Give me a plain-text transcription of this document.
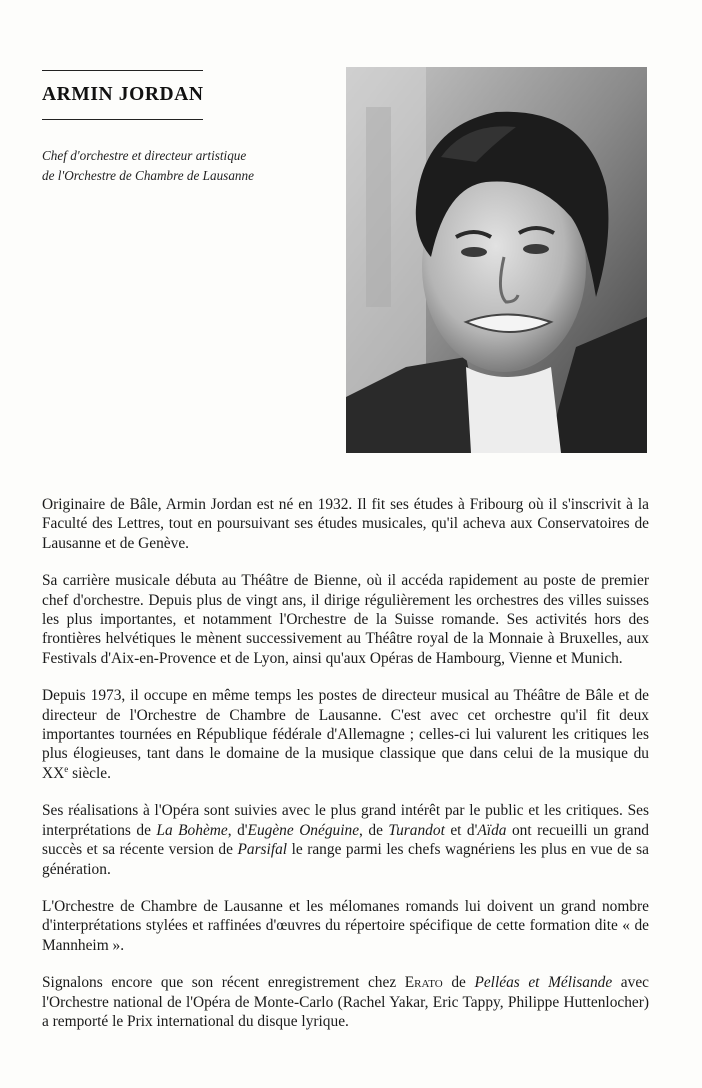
ARMIN JORDAN
Chef d'orchestre et directeur artistique
de l'Orchestre de Chambre de Lausanne

Originaire de Bâle, Armin Jordan est né en 1932. Il fit ses études à Fribourg où il s'inscrivit à la Faculté des Lettres, tout en poursuivant ses études musicales, qu'il acheva aux Conservatoires de Lausanne et de Genève.

Sa carrière musicale débuta au Théâtre de Bienne, où il accéda rapidement au poste de premier chef d'orchestre. Depuis plus de vingt ans, il dirige régulièrement les orchestres des villes suisses les plus importantes, et notamment l'Orchestre de la Suisse romande. Ses activités hors des frontières helvétiques le mènent successivement au Théâtre royal de la Monnaie à Bruxelles, aux Festivals d'Aix-en-Provence et de Lyon, ainsi qu'aux Opéras de Hambourg, Vienne et Munich.

Depuis 1973, il occupe en même temps les postes de directeur musical au Théâtre de Bâle et de directeur de l'Orchestre de Chambre de Lausanne. C'est avec cet orchestre qu'il fit deux importantes tournées en République fédérale d'Allemagne ; celles-ci lui valurent les critiques les plus élogieuses, tant dans le domaine de la musique classique que dans celui de la musique du XXe siècle.

Ses réalisations à l'Opéra sont suivies avec le plus grand intérêt par le public et les critiques. Ses interprétations de La Bohème, d'Eugène Onéguine, de Turandot et d'Aïda ont recueilli un grand succès et sa récente version de Parsifal le range parmi les chefs wagnériens les plus en vue de sa génération.

L'Orchestre de Chambre de Lausanne et les mélomanes romands lui doivent un grand nombre d'interprétations stylées et raffinées d'œuvres du répertoire spécifique de cette formation dite « de Mannheim ».

Signalons encore que son récent enregistrement chez Erato de Pelléas et Mélisande avec l'Orchestre national de l'Opéra de Monte-Carlo (Rachel Yakar, Eric Tappy, Philippe Huttenlocher) a remporté le Prix international du disque lyrique.
